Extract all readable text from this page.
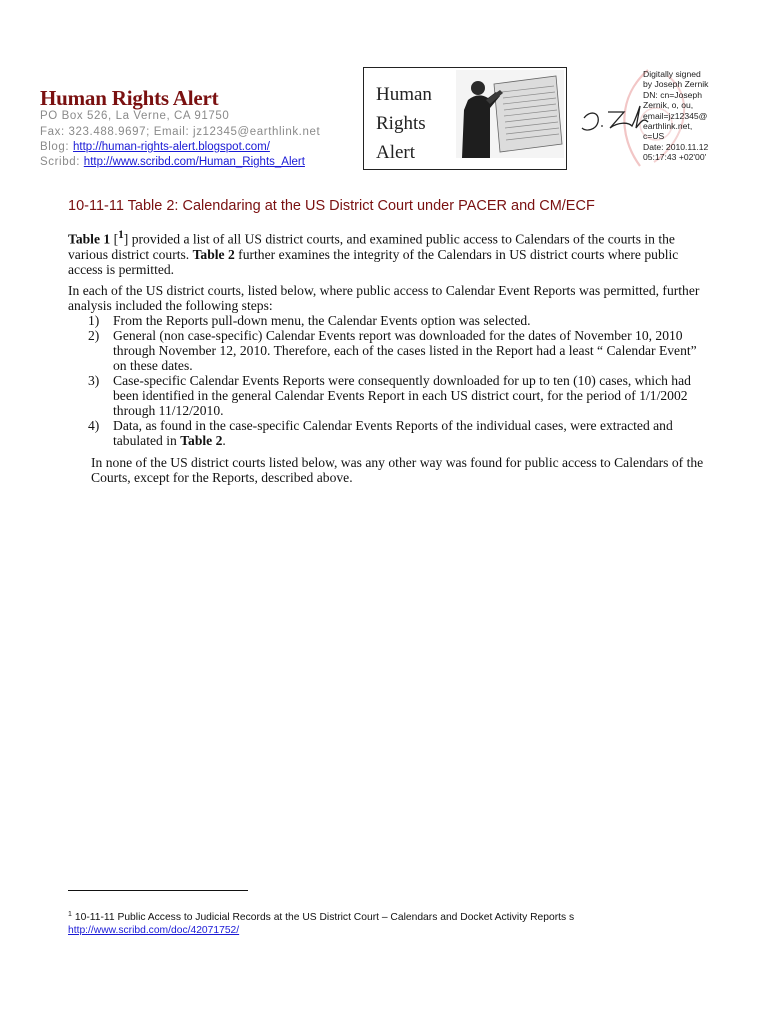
Human Rights Alert
PO Box 526, La Verne, CA 91750
Fax: 323.488.9697; Email: jz12345@earthlink.net
Blog: http://human-rights-alert.blogspot.com/
Scribd: http://www.scribd.com/Human_Rights_Alert
Human
Rights
Alert
Digitally signed
by Joseph Zernik
DN: cn=Joseph
Zernik, o, ou,
email=jz12345@
earthlink.net,
c=US
Date: 2010.11.12
05:17:43 +02'00'
10-11-11 Table 2: Calendaring at the US District Court under PACER and CM/ECF
Table 1 [$^1$] provided a list of all US district courts, and examined public access to Calendars of the courts in the various district courts. Table 2 further examines the integrity of the Calendars in US district courts where public access is permitted.
In each of the US district courts, listed below, where public access to Calendar Event Reports was permitted, further analysis included the following steps:
1) From the Reports pull-down menu, the Calendar Events option was selected.
2) General (non case-specific) Calendar Events report was downloaded for the dates of November 10, 2010 through November 12, 2010. Therefore, each of the cases listed in the Report had a least “ Calendar Event” on these dates.
3) Case-specific Calendar Events Reports were consequently downloaded for up to ten (10) cases, which had been identified in the general Calendar Events Report in each US district court, for the period of 1/1/2002 through 11/12/2010.
4) Data, as found in the case-specific Calendar Events Reports of the individual cases, were extracted and tabulated in Table 2.
In none of the US district courts listed below, was any other way was found for public access to Calendars of the Courts, except for the Reports, described above.
$^1$ 10-11-11 Public Access to Judicial Records at the US District Court – Calendars and Docket Activity Reports s
http://www.scribd.com/doc/42071752/
